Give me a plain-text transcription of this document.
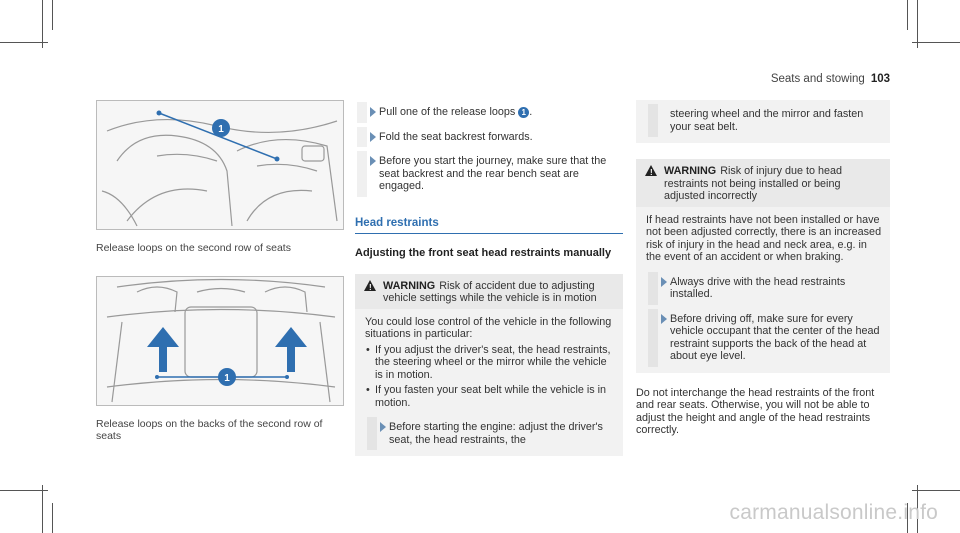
Seats and stowing 103
1
Release loops on the second row of seats
1
Release loops on the backs of the second row of seats
Pull one of the release loops 1 .
Fold the seat backrest forwards.
Before you start the journey, make sure that the seat backrest and the rear bench seat are engaged.
Head restraints
Adjusting the front seat head restraints manually
! WARNING Risk of accident due to adjusting vehicle settings while the vehicle is in motion
You could lose control of the vehicle in the following situations in particular:
• If you adjust the driver's seat, the head restraints, the steering wheel or the mirror while the vehicle is in motion.
• If you fasten your seat belt while the vehicle is in motion.
Before starting the engine: adjust the driver's seat, the head restraints, the
steering wheel and the mirror and fasten your seat belt.
! WARNING Risk of injury due to head restraints not being installed or being adjusted incorrectly
If head restraints have not been installed or have not been adjusted correctly, there is an increased risk of injury in the head and neck area, e.g. in the event of an accident or when braking.
Always drive with the head restraints installed.
Before driving off, make sure for every vehicle occupant that the center of the head restraint supports the back of the head at about eye level.
Do not interchange the head restraints of the front and rear seats. Otherwise, you will not be able to adjust the height and angle of the head restraints correctly.
carmanualsonline.info
